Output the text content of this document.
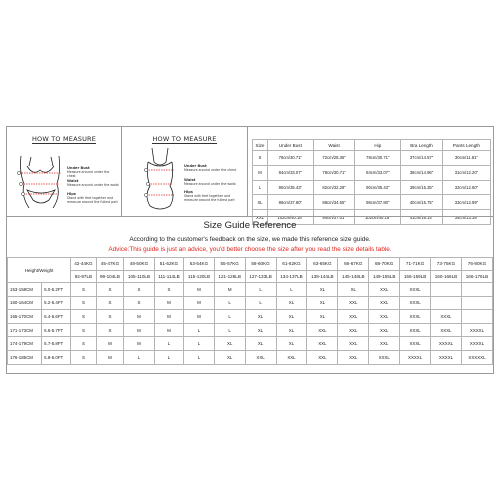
HOW TO MEASURE
Under Bust
Measure around under the chest
Waist
Measure around under the waist
Hips
Stand with feet together and measure around the fullest part
HOW TO MEASURE
Under Bust
Measure around under the chest
Waist
Measure around under the waist
Hips
Stand with feet together and measure around the fullest part
Size	Under Bust	Waist	Hip	Bra Length	Pants Length
S	78cm/30.71"	72cm/28.35"	78cm/30.71"	37cm/14.57"	30cm/11.81"
M	84cm/33.07"	78cm/30.71"	84cm/33.07"	38cm/14.96"	31cm/12.20"
L	90cm/35.43"	82cm/32.28"	90cm/35.43"	39cm/15.35"	32cm/12.60"
XL	96cm/37.80"	88cm/34.65"	96cm/37.80"	40cm/15.75"	33cm/12.99"
XXL	102cm/40.16"	94cm/37.01"	102cm/40.16"	41cm/16.14"	34cm/13.39"
Size Guide Reference
According to the customer's feedback on the size, we made this reference size guide.
Advice:This guide is just an advice, you'd better choose the size after you read the size details table.
Height/Weight		42-44KG	45-47KG	48-50KG	51-52KG	53-54KG	55-57KG	58-60KG	61-62KG	63-65KG	66-67KG	68-70KG	71-71KG	73-75KG	76-80KG
		92-97LB	99-104LB	105-110LB	111-114LB	115-120LB	121-126LB	127-133LB	134-137LB	138-144LB	145-148LB	149-155LB	156-159LB	160-166LB	166-176LB
153-158CM	5.0-5.2FT	S	S	S	S	M	M	L	L	XL	XL	XXL	XXXL		
160-164CM	5.2-5.4FT	S	S	S	M	M	L	L	XL	XL	XXL	XXL	XXXL		
165-170CM	5.4-5.6FT	S	S	M	M	M	L	XL	XL	XL	XXL	XXL	XXXL	XXXL	
171-173CM	5.6-5.7FT	S	S	M	M	L	L	XL	XL	XXL	XXL	XXL	XXXL	XXXL	XXXXL
174-179CM	5.7-5.8FT	S	M	M	L	L	XL	XL	XL	XXL	XXL	XXL	XXXL	XXXXL	XXXXL
176-185CM	5.8-6.0FT	S	M	L	L	L	XL	XXL	XXL	XXL	XXL	XXXL	XXXXL	XXXXL	XXXXXL
